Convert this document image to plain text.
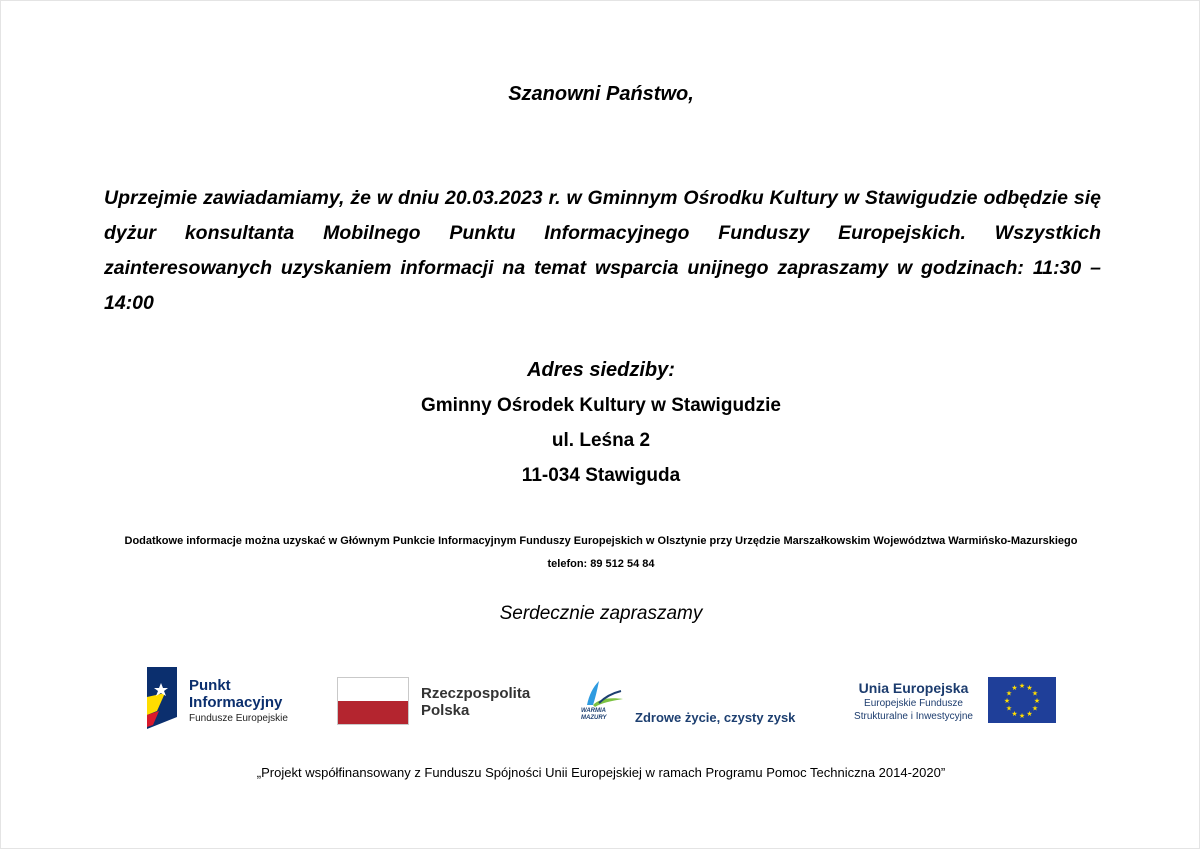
Szanowni Państwo,
Uprzejmie zawiadamiamy, że w dniu 20.03.2023 r. w Gminnym Ośrodku Kultury w Stawigudzie odbędzie się dyżur konsultanta Mobilnego Punktu Informacyjnego Funduszy Europejskich. Wszystkich zainteresowanych uzyskaniem informacji na temat wsparcia unijnego zapraszamy w godzinach: 11:30 – 14:00
Adres siedziby:
Gminny Ośrodek Kultury w Stawigudzie
ul. Leśna 2
11-034 Stawiguda
Dodatkowe informacje można uzyskać w Głównym Punkcie Informacyjnym Funduszy Europejskich w Olsztynie przy Urzędzie Marszałkowskim Województwa Warmińsko-Mazurskiego
telefon: 89 512 54 84
Serdecznie zapraszamy
Punkt
Informacyjny
Fundusze Europejskie
Rzeczpospolita
Polska	WARMIA MAZURY	Zdrowe życie, czysty zysk
Unia Europejska
Europejskie Fundusze
Strukturalne i Inwestycyjne
★ ★
★
★
★
★
★
★
★
★
★
★
„Projekt współfinansowany z Funduszu Spójności Unii Europejskiej w ramach Programu Pomoc Techniczna 2014-2020”
